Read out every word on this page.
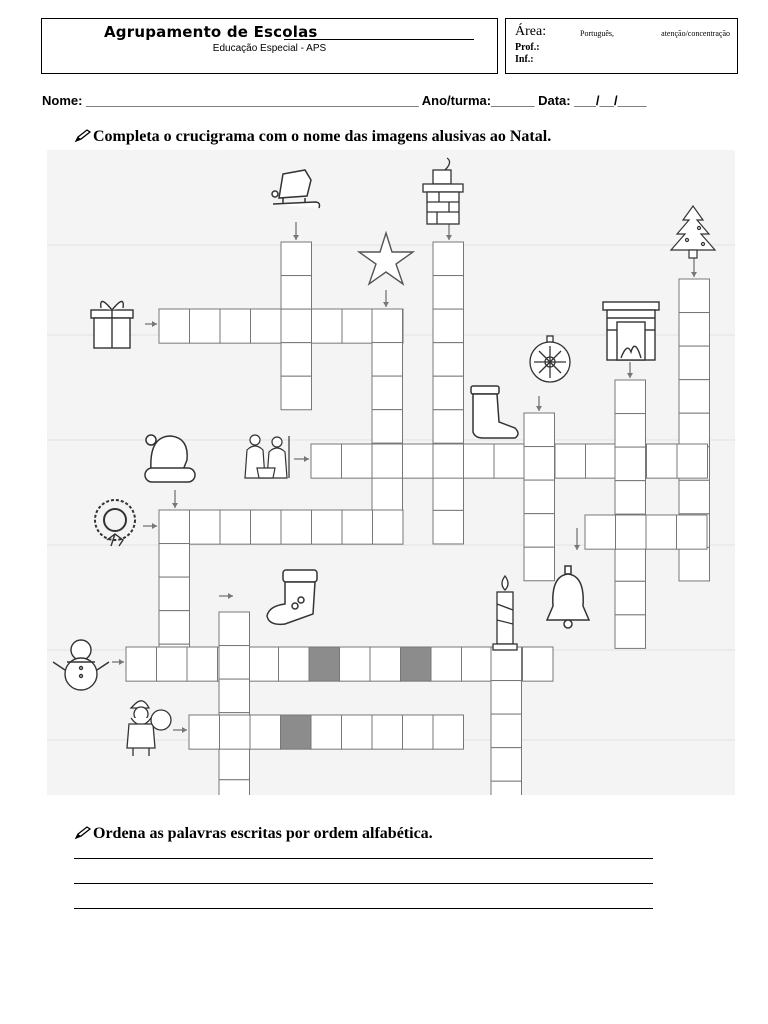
Agrupamento de Escolas
Educação Especial - APS
Área:	Português,	atenção/concentração
Prof.:
Inf.:
Nome: ______________________________________________ Ano/turma:______ Data: ___/__/____
Completa o crucigrama com o nome das imagens alusivas ao Natal.
Ordena as palavras escritas por ordem alfabética.
